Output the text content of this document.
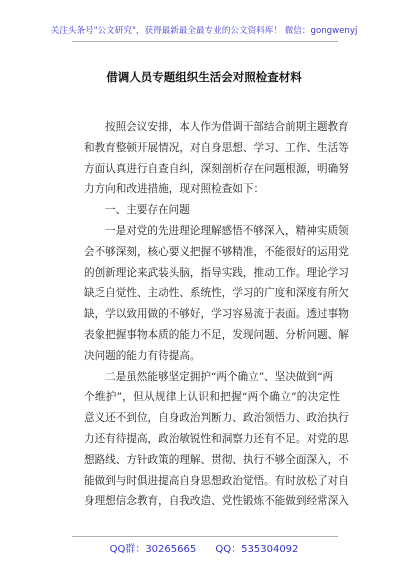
关注头条号"公文研究"，获得最新最全最专业的公文资料库！ 微信：gongwenyj
借调人员专题组织生活会对照检查材料
按照会议安排，本人作为借调干部结合前期主题教育
和教育整顿开展情况，对自身思想、学习、工作、生活等
方面认真进行自查自纠，深刻剖析存在问题根源，明确努
力方向和改进措施，现对照检查如下：
一、主要存在问题
一是对党的先进理论理解感悟不够深入，精神实质领
会不够深刻，核心要义把握不够精准，不能很好的运用党
的创新理论来武装头脑，指导实践，推动工作。理论学习
缺乏自觉性、主动性、系统性，学习的广度和深度有所欠
缺，学以致用做的不够好，学习容易流于表面。透过事物
表象把握事物本质的能力不足，发现问题、分析问题、解
决问题的能力有待提高。
二是虽然能够坚定拥护“两个确立”、坚决做到“两
个维护”，但从规律上认识和把握“两个确立”的决定性
意义还不到位，自身政治判断力、政治领悟力、政治执行
力还有待提高，政治敏锐性和洞察力还有不足。对党的思
想路线、方针政策的理解、贯彻、执行不够全面深入，不
能做到与时俱进提高自身思想政治觉悟。有时放松了对自
身理想信念教育，自我改造、党性锻炼不能做到经常深入
QQ群：30265665 QQ：535304092
